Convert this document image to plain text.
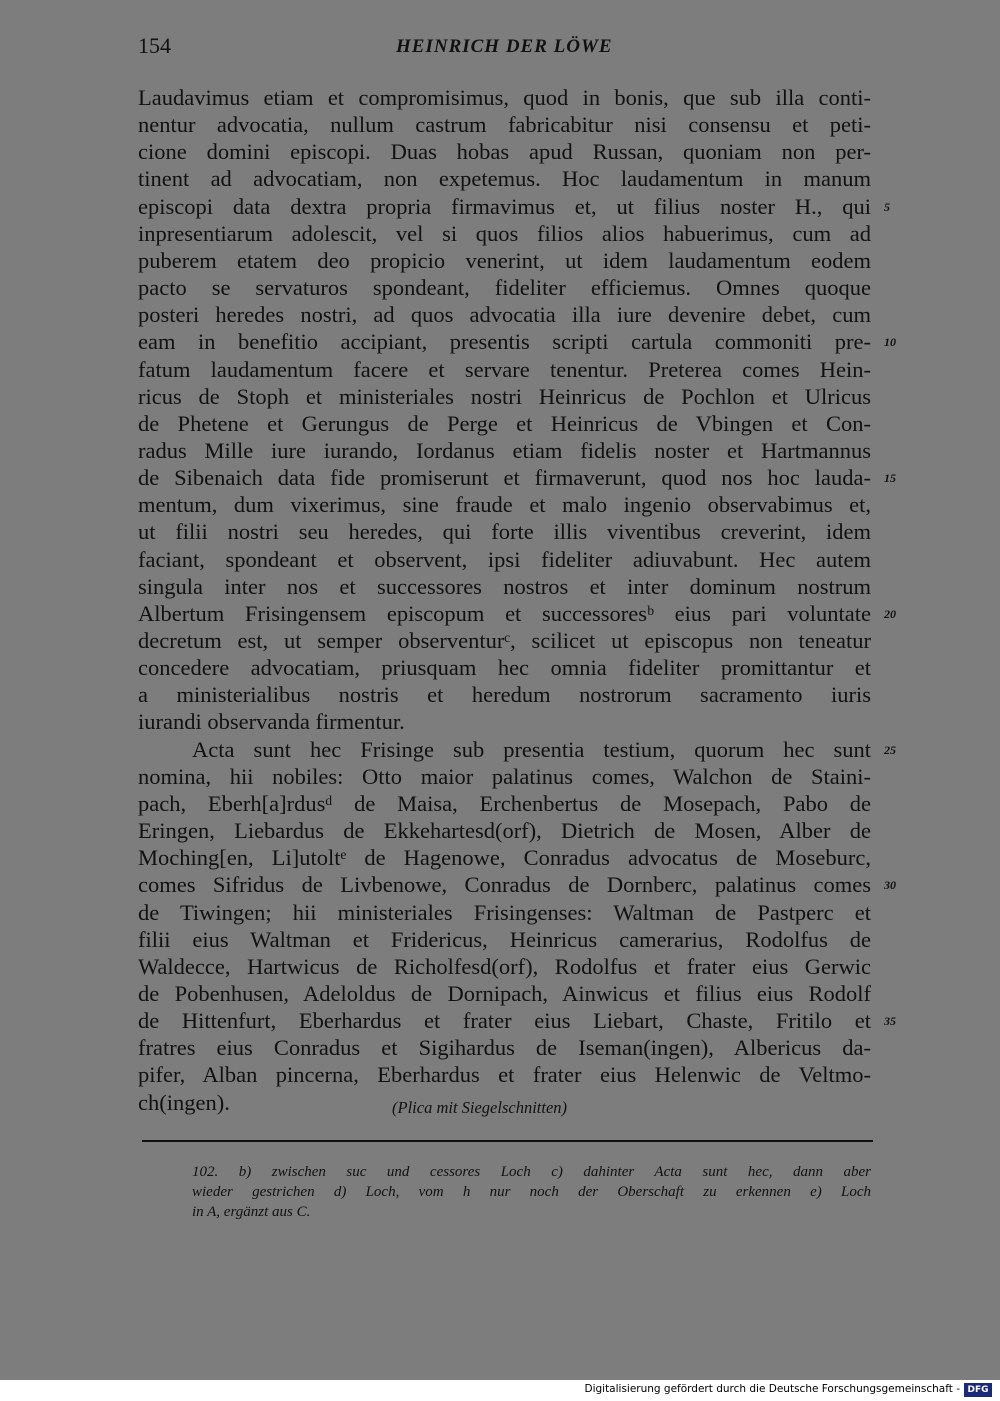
154	HEINRICH DER LÖWE
Laudavimus etiam et compromisimus, quod in bonis, que sub illa conti-
nentur advocatia, nullum castrum fabricabitur nisi consensu et peti-
cione domini episcopi. Duas hobas apud Russan, quoniam non per-
tinent ad advocatiam, non expetemus. Hoc laudamentum in manum
episcopi data dextra propria firmavimus et, ut filius noster H., qui
inpresentiarum adolescit, vel si quos filios alios habuerimus, cum ad
puberem etatem deo propicio venerint, ut idem laudamentum eodem
pacto se servaturos spondeant, fideliter efficiemus. Omnes quoque
posteri heredes nostri, ad quos advocatia illa iure devenire debet, cum
eam in benefitio accipiant, presentis scripti cartula commoniti pre-
fatum laudamentum facere et servare tenentur. Preterea comes Hein-
ricus de Stoph et ministeriales nostri Heinricus de Pochlon et Ulricus
de Phetene et Gerungus de Perge et Heinricus de Vbingen et Con-
radus Mille iure iurando, Iordanus etiam fidelis noster et Hartmannus
de Sibenaich data fide promiserunt et firmaverunt, quod nos hoc lauda-
mentum, dum vixerimus, sine fraude et malo ingenio observabimus et,
ut filii nostri seu heredes, qui forte illis viventibus creverint, idem
faciant, spondeant et observent, ipsi fideliter adiuvabunt. Hec autem
singula inter nos et successores nostros et inter dominum nostrum
Albertum Frisingensem episcopum et successoresᵇ eius pari voluntate
decretum est, ut semper observenturᶜ, scilicet ut episcopus non teneatur
concedere advocatiam, priusquam hec omnia fideliter promittantur et
a ministerialibus nostris et heredum nostrorum sacramento iuris
iurandi observanda firmentur.
Acta sunt hec Frisinge sub presentia testium, quorum hec sunt
nomina, hii nobiles: Otto maior palatinus comes, Walchon de Staini-
pach, Eberh[a]rdusᵈ de Maisa, Erchenbertus de Mosepach, Pabo de
Eringen, Liebardus de Ekkehartesd(orf), Dietrich de Mosen, Alber de
Moching[en, Li]utoltᵉ de Hagenowe, Conradus advocatus de Moseburc,
comes Sifridus de Livbenowe, Conradus de Dornberc, palatinus comes
de Tiwingen; hii ministeriales Frisingenses: Waltman de Pastperc et
filii eius Waltman et Fridericus, Heinricus camerarius, Rodolfus de
Waldecce, Hartwicus de Richolfesd(orf), Rodolfus et frater eius Gerwic
de Pobenhusen, Adeloldus de Dornipach, Ainwicus et filius eius Rodolf
de Hittenfurt, Eberhardus et frater eius Liebart, Chaste, Fritilo et
fratres eius Conradus et Sigihardus de Iseman(ingen), Albericus da-
pifer, Alban pincerna, Eberhardus et frater eius Helenwic de Veltmo-
ch(ingen).
5
10
15
20
25
30
35
(Plica mit Siegelschnitten)
102. b) zwischen suc und cessores Loch c) dahinter Acta sunt hec, dann aber
wieder gestrichen d) Loch, vom h nur noch der Oberschaft zu erkennen e) Loch
in A, ergänzt aus C.
Digitalisierung gefördert durch die Deutsche Forschungsgemeinschaft - DFG
